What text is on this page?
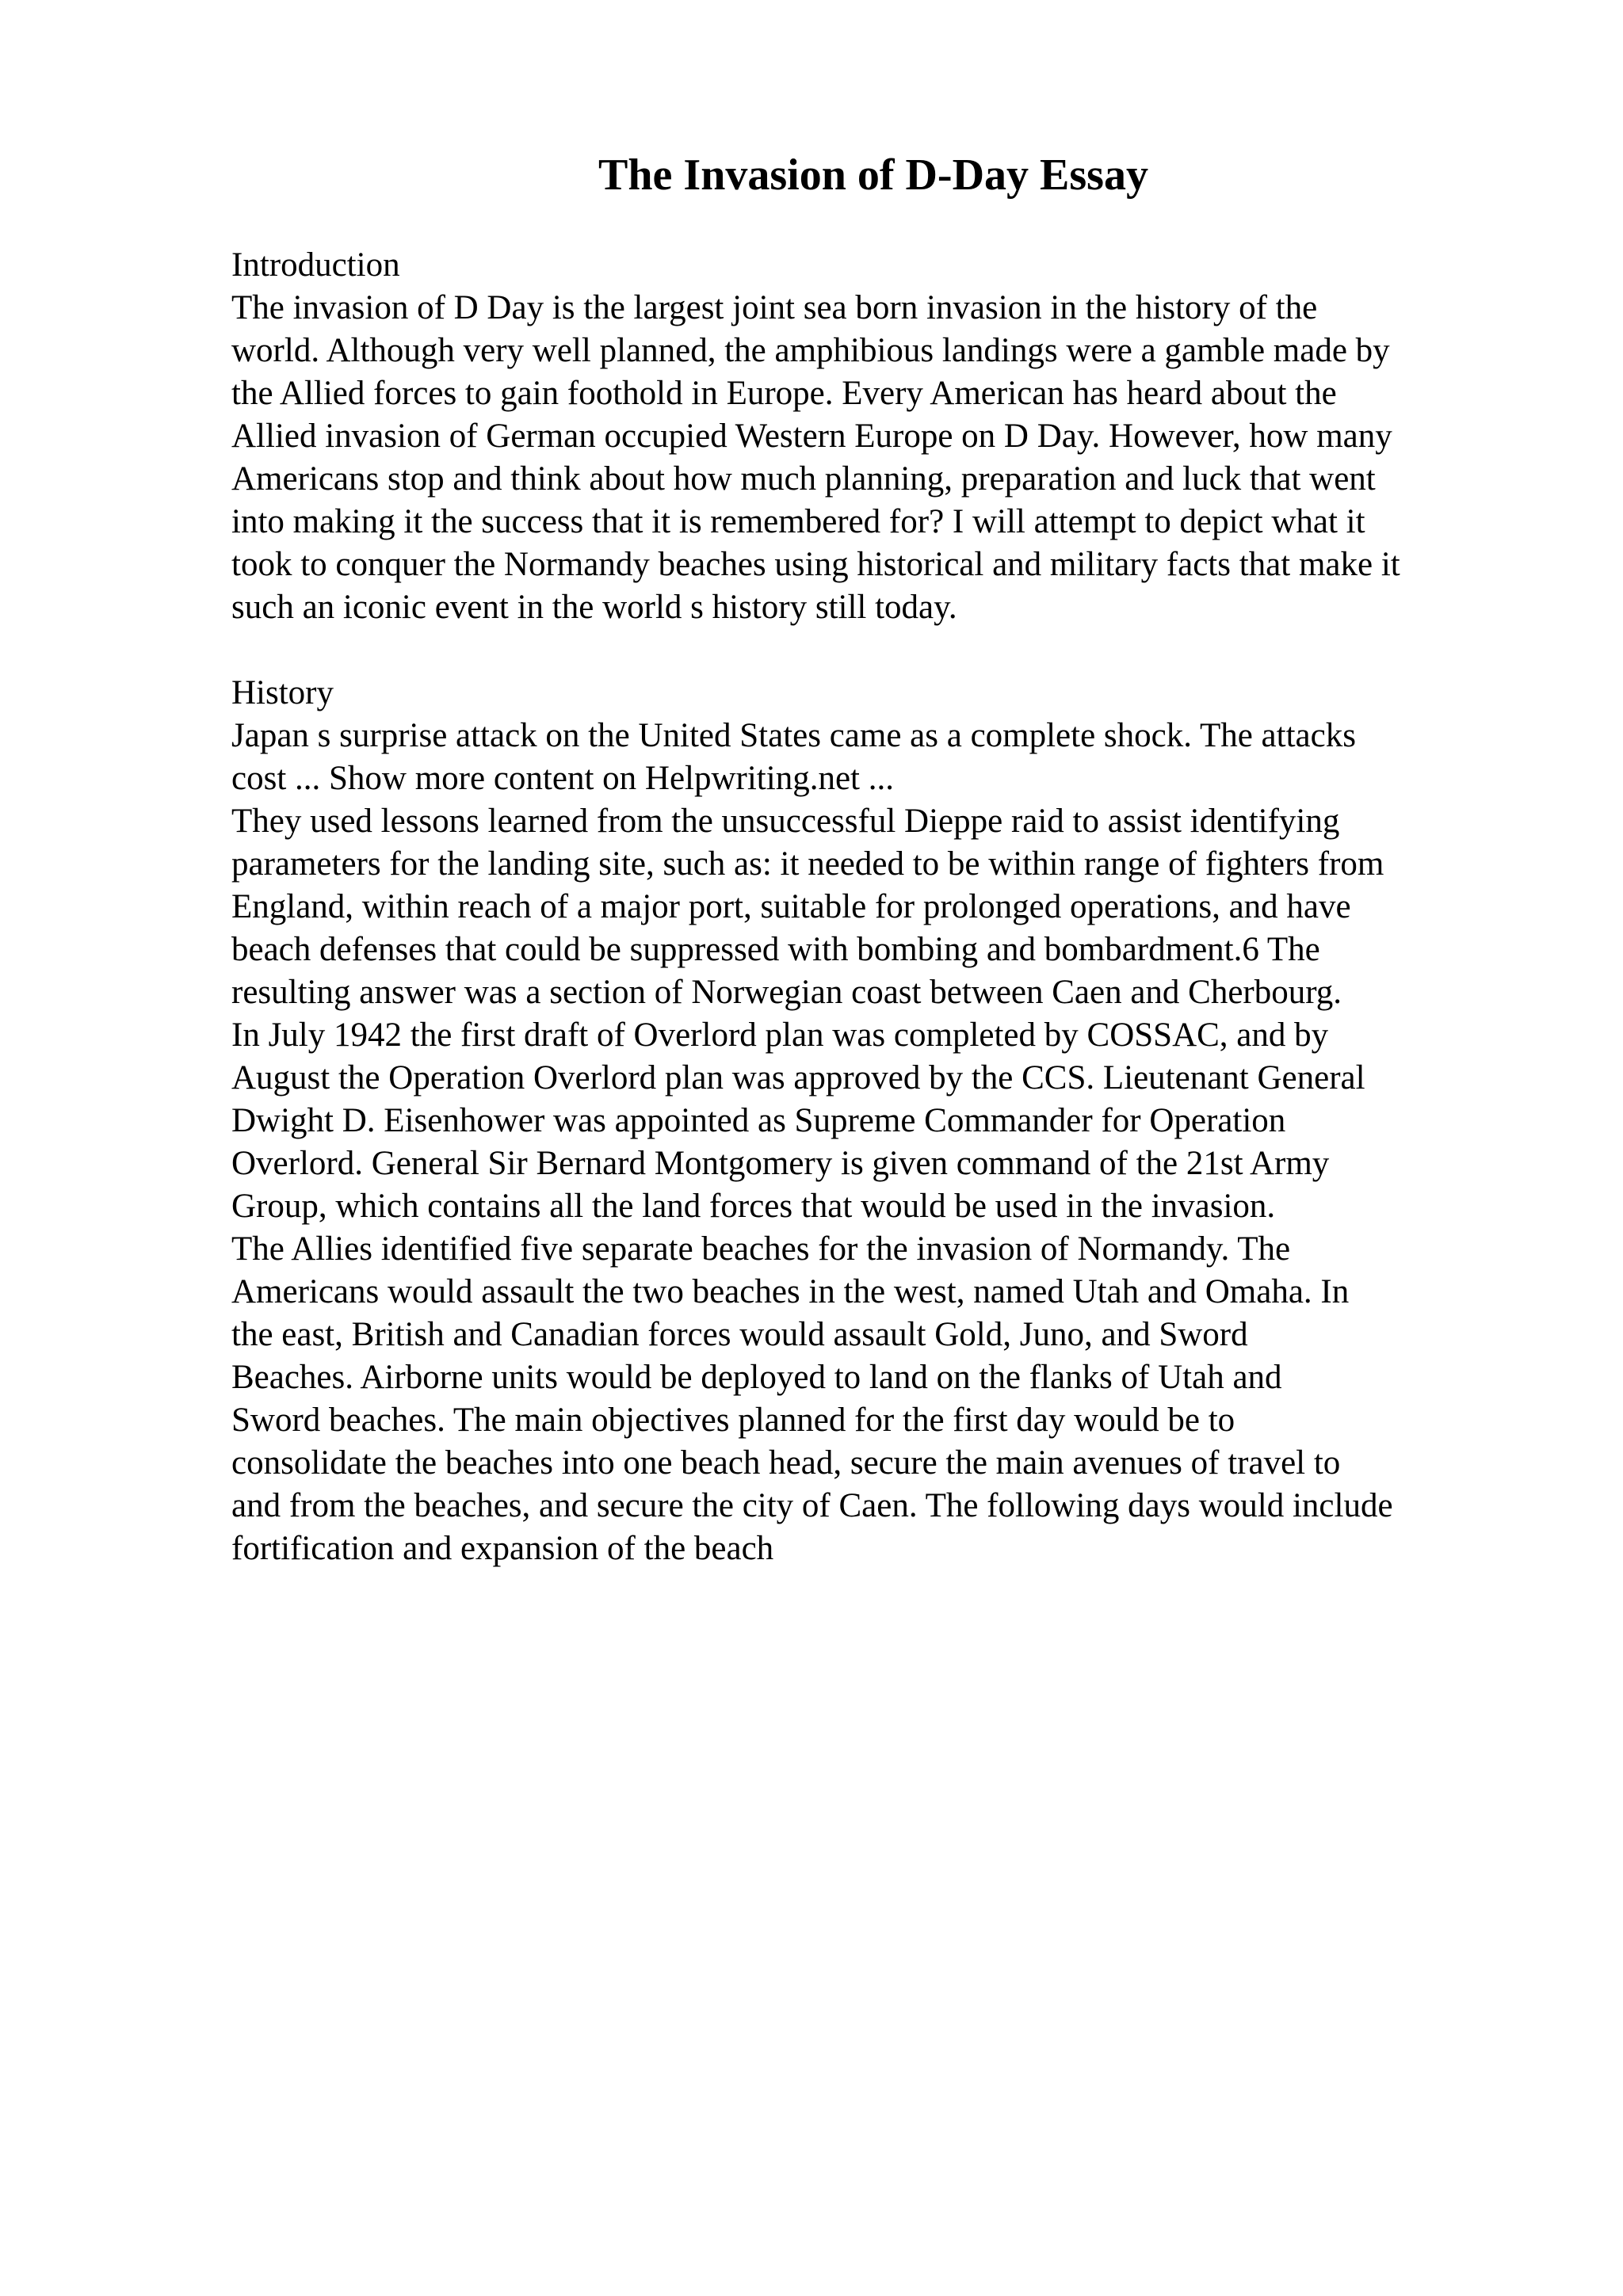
The Invasion of D-Day Essay
Introduction
The invasion of D Day is the largest joint sea born invasion in the history of the
world. Although very well planned, the amphibious landings were a gamble made by
the Allied forces to gain foothold in Europe. Every American has heard about the
Allied invasion of German occupied Western Europe on D Day. However, how many
Americans stop and think about how much planning, preparation and luck that went
into making it the success that it is remembered for? I will attempt to depict what it
took to conquer the Normandy beaches using historical and military facts that make it
such an iconic event in the world s history still today.
History
Japan s surprise attack on the United States came as a complete shock. The attacks
cost ... Show more content on Helpwriting.net ...
They used lessons learned from the unsuccessful Dieppe raid to assist identifying
parameters for the landing site, such as: it needed to be within range of fighters from
England, within reach of a major port, suitable for prolonged operations, and have
beach defenses that could be suppressed with bombing and bombardment.6 The
resulting answer was a section of Norwegian coast between Caen and Cherbourg.
In July 1942 the first draft of Overlord plan was completed by COSSAC, and by
August the Operation Overlord plan was approved by the CCS. Lieutenant General
Dwight D. Eisenhower was appointed as Supreme Commander for Operation
Overlord. General Sir Bernard Montgomery is given command of the 21st Army
Group, which contains all the land forces that would be used in the invasion.
The Allies identified five separate beaches for the invasion of Normandy. The
Americans would assault the two beaches in the west, named Utah and Omaha. In
the east, British and Canadian forces would assault Gold, Juno, and Sword
Beaches. Airborne units would be deployed to land on the flanks of Utah and
Sword beaches. The main objectives planned for the first day would be to
consolidate the beaches into one beach head, secure the main avenues of travel to
and from the beaches, and secure the city of Caen. The following days would include
fortification and expansion of the beach
